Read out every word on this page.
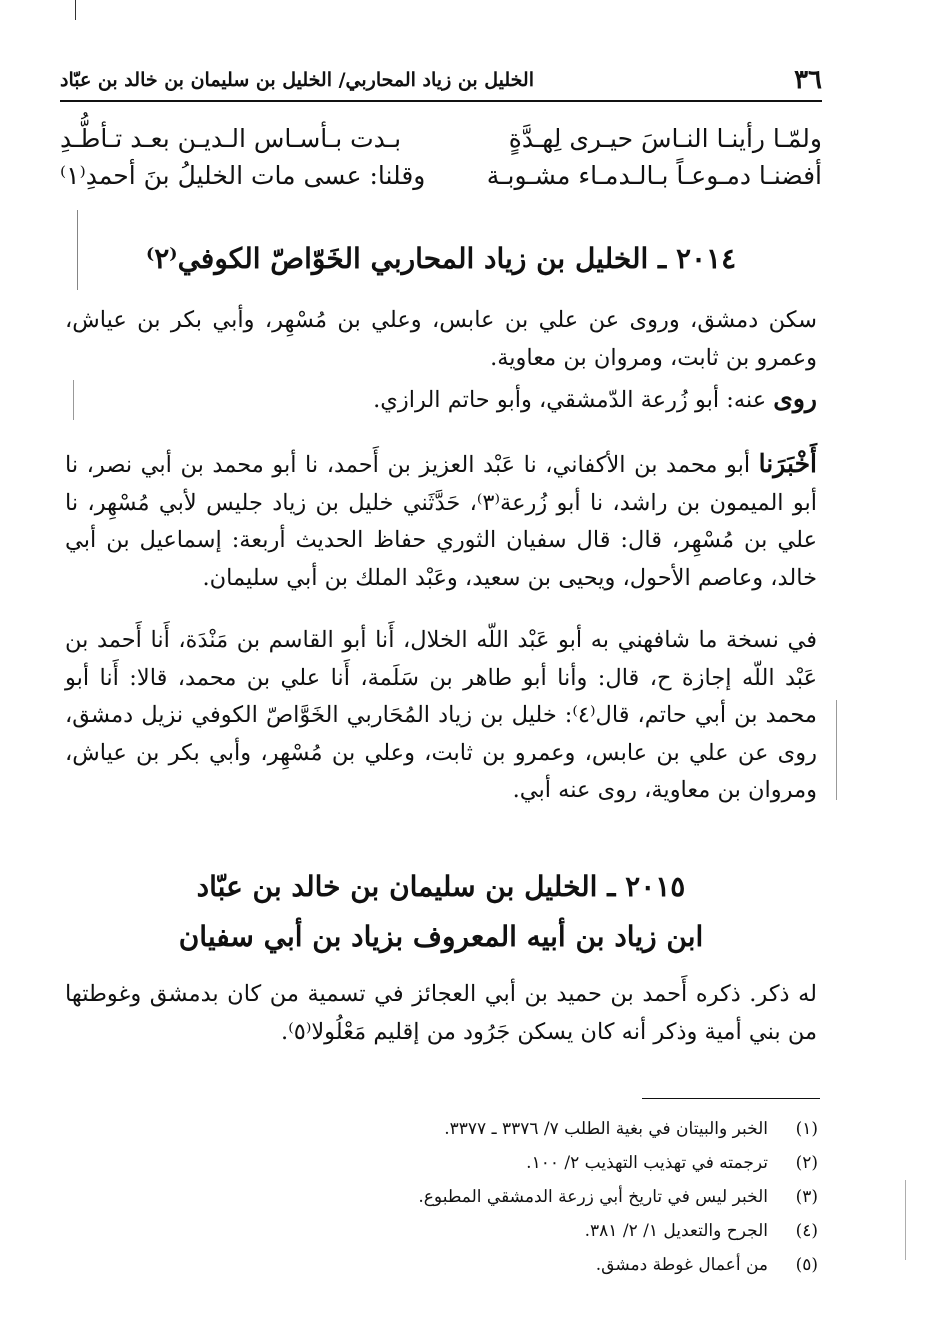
٣٦
الخليل بن زياد المحاربي/ الخليل بن سليمان بن خالد بن عبّاد
ولمّـا رأينـا النـاسَ حيـرى لِهـدَّةٍ
بـدت بـأسـاس الـديـن بعـد تـأطُّـدِ
أفضنـا دمـوعـاً بـالـدمـاء مشـوبـة
وقلنا: عسى مات الخليلُ بنَ أحمدِ⁽١⁾
٢٠١٤ ـ الخليل بن زياد المحاربي الخَوّاصّ الكوفي⁽٢⁾
سكن دمشق، وروى عن علي بن عابس، وعلي بن مُسْهِر، وأبي بكر بن عياش، وعمرو بن ثابت، ومروان بن معاوية.
روى عنه: أبو زُرعة الدّمشقي، وأبو حاتم الرازي.
أَخْبَرَنا أبو محمد بن الأكفاني، نا عَبْد العزيز بن أَحمد، نا أبو محمد بن أبي نصر، نا أبو الميمون بن راشد، نا أبو زُرعة⁽٣⁾، حَدَّثَني خليل بن زياد جليس لأبي مُسْهِر، نا علي بن مُسْهِر، قال: قال سفيان الثوري حفاظ الحديث أربعة: إسماعيل بن أبي خالد، وعاصم الأحول، ويحيى بن سعيد، وعَبْد الملك بن أبي سليمان.
في نسخة ما شافهني به أبو عَبْد اللّه الخلال، أَنا أبو القاسم بن مَنْدَة، أَنا أَحمد بن عَبْد اللّه إجازة ح، قال: وأنا أبو طاهر بن سَلَمة، أَنا علي بن محمد، قالا: أَنا أبو محمد بن أبي حاتم، قال⁽٤⁾: خليل بن زياد المُحَاربي الخَوَّاصّ الكوفي نزيل دمشق، روى عن علي بن عابس، وعمرو بن ثابت، وعلي بن مُسْهِر، وأبي بكر بن عياش، ومروان بن معاوية، روى عنه أبي.
٢٠١٥ ـ الخليل بن سليمان بن خالد بن عبّاد
ابن زياد بن أبيه المعروف بزياد بن أبي سفيان
له ذكر. ذكره أَحمد بن حميد بن أبي العجائز في تسمية من كان بدمشق وغوطتها من بني أمية وذكر أنه كان يسكن جَرُود من إقليم مَعْلُولا⁽٥⁾.
(١)
الخبر والبيتان في بغية الطلب ٧/ ٣٣٧٦ ـ ٣٣٧٧.
(٢)
ترجمته في تهذيب التهذيب ٢/ ١٠٠.
(٣)
الخبر ليس في تاريخ أبي زرعة الدمشقي المطبوع.
(٤)
الجرح والتعديل ١/ ٢/ ٣٨١.
(٥)
من أعمال غوطة دمشق.
